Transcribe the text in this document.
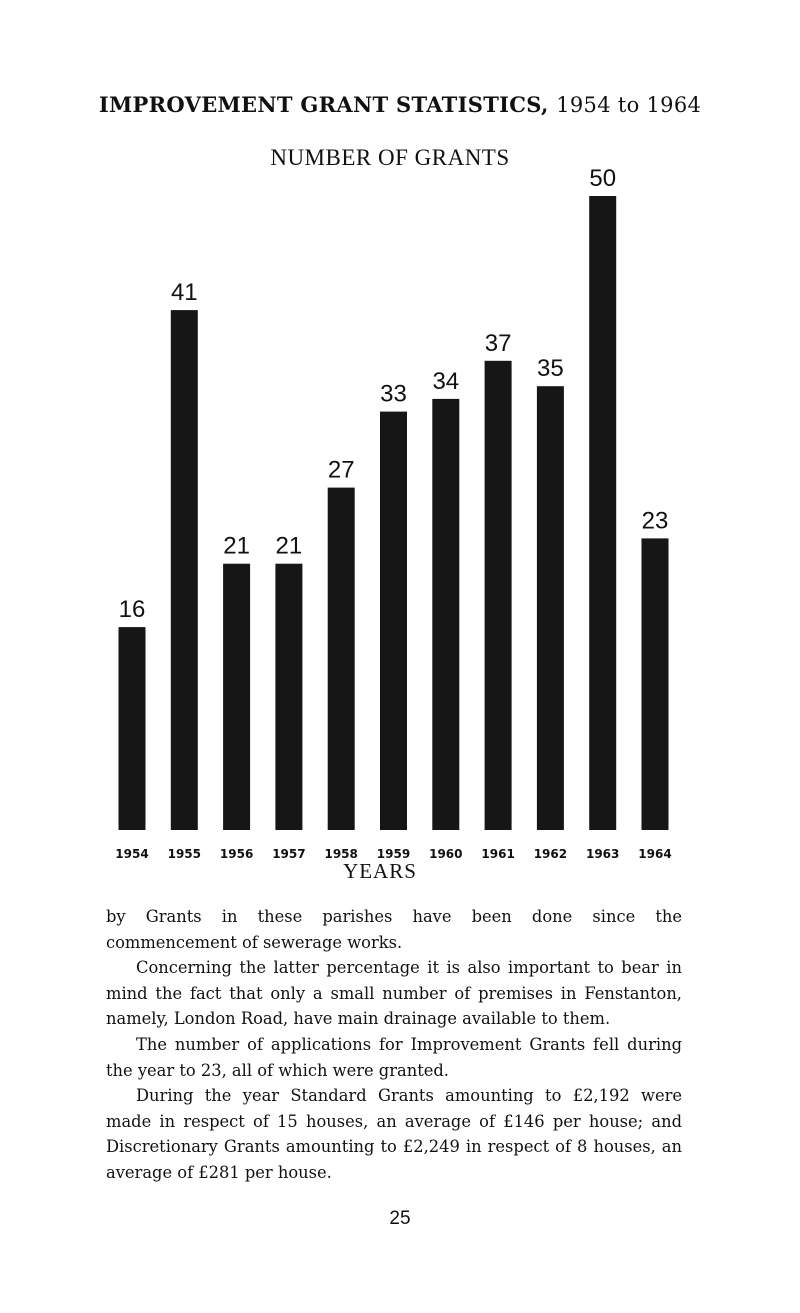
IMPROVEMENT GRANT STATISTICS, 1954 to 1964
NUMBER OF GRANTS
16
1954
41
1955
21
1956
21
1957
27
1958
33
1959
34
1960
37
1961
35
1962
50
1963
23
1964
YEARS

by Grants in these parishes have been done since the commencement of sewerage works.

Concerning the latter percentage it is also important to bear in mind the fact that only a small number of premises in Fenstanton, namely, London Road, have main drainage available to them.

The number of applications for Improvement Grants fell during the year to 23, all of which were granted.

During the year Standard Grants amounting to £2,192 were made in respect of 15 houses, an average of £146 per house; and Discretionary Grants amounting to £2,249 in respect of 8 houses, an average of £281 per house.

25
